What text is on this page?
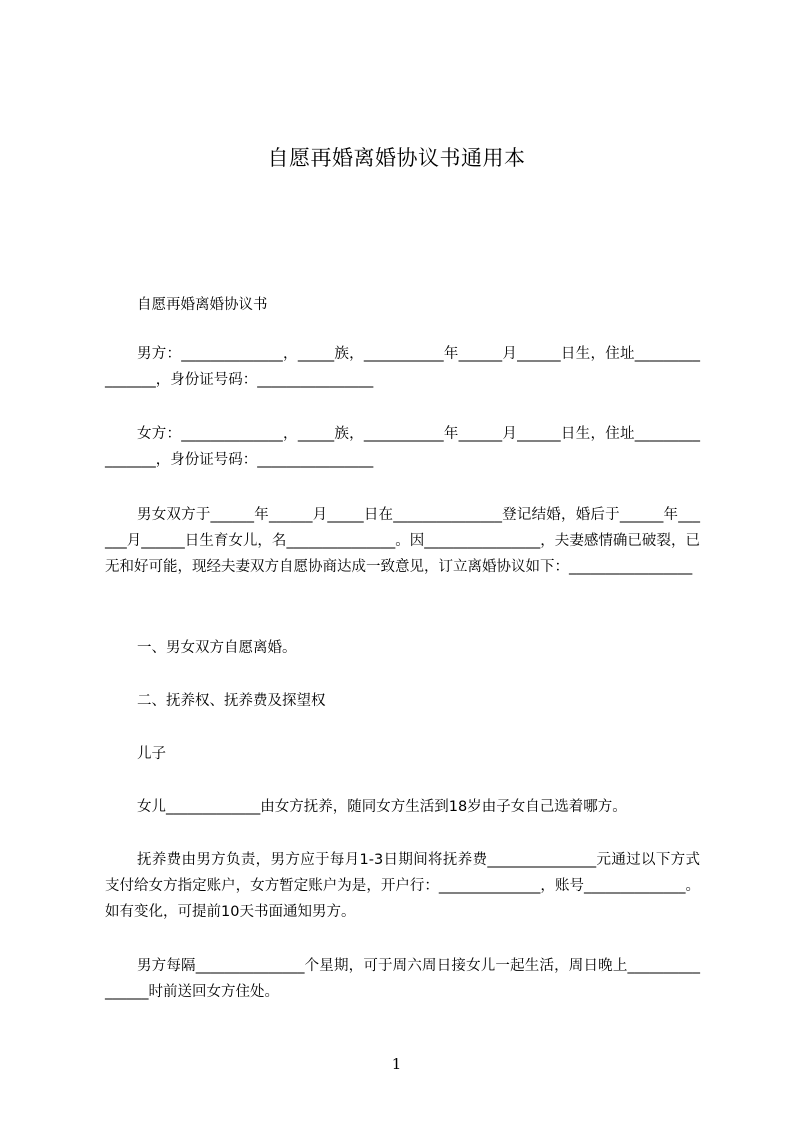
自愿再婚离婚协议书通用本

自愿再婚离婚协议书

男方：______________，_____族，___________年______月______日生，住址________________，身份证号码：________________

女方：______________，_____族，___________年______月______日生，住址________________，身份证号码：________________

男女双方于______年______月_____日在_______________登记结婚，婚后于______年______月______日生育女儿，名_______________。因________________，夫妻感情确已破裂，已无和好可能，现经夫妻双方自愿协商达成一致意见，订立离婚协议如下：_________________

一、男女双方自愿离婚。

二、抚养权、抚养费及探望权

儿子

女儿_____________由女方抚养，随同女方生活到18岁由子女自己选着哪方。

抚养费由男方负责，男方应于每月1-3日期间将抚养费_______________元通过以下方式支付给女方指定账户，女方暂定账户为是，开户行：______________，账号______________。如有变化，可提前10天书面通知男方。

男方每隔_______________个星期，可于周六周日接女儿一起生活，周日晚上________________时前送回女方住处。

1
